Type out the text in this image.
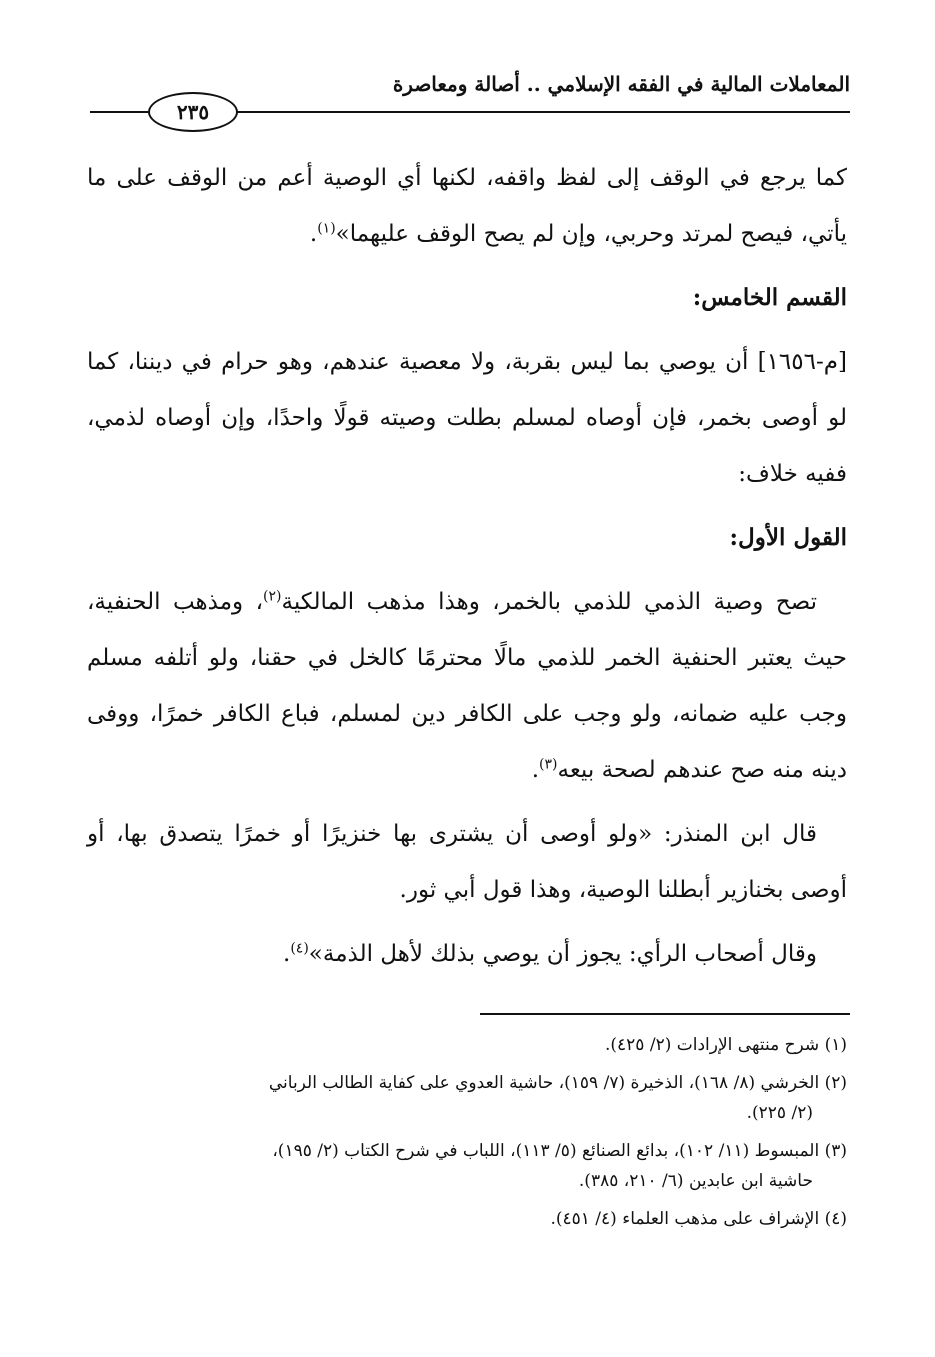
المعاملات المالية في الفقه الإسلامي .. أصالة ومعاصرة
٢٣٥

كما يرجع في الوقف إلى لفظ واقفه، لكنها أي الوصية أعم من الوقف على ما يأتي، فيصح لمرتد وحربي، وإن لم يصح الوقف عليهما»$^{(١)}$.

القسم الخامس:

[م-١٦٥٦] أن يوصي بما ليس بقربة، ولا معصية عندهم، وهو حرام في ديننا، كما لو أوصى بخمر، فإن أوصاه لمسلم بطلت وصيته قولًا واحدًا، وإن أوصاه لذمي، ففيه خلاف:

القول الأول:

تصح وصية الذمي للذمي بالخمر، وهذا مذهب المالكية$^{(٢)}$، ومذهب الحنفية، حيث يعتبر الحنفية الخمر للذمي مالًا محترمًا كالخل في حقنا، ولو أتلفه مسلم وجب عليه ضمانه، ولو وجب على الكافر دين لمسلم، فباع الكافر خمرًا، ووفى دينه منه صح عندهم لصحة بيعه$^{(٣)}$.

قال ابن المنذر: «ولو أوصى أن يشترى بها خنزيرًا أو خمرًا يتصدق بها، أو أوصى بخنازير أبطلنا الوصية، وهذا قول أبي ثور.

وقال أصحاب الرأي: يجوز أن يوصي بذلك لأهل الذمة»$^{(٤)}$.

(١) شرح منتهى الإرادات (٢/ ٤٢٥).
(٢) الخرشي (٨/ ١٦٨)، الذخيرة (٧/ ١٥٩)، حاشية العدوي على كفاية الطالب الرباني
(٢/ ٢٢٥).
(٣) المبسوط (١١/ ١٠٢)، بدائع الصنائع (٥/ ١١٣)، اللباب في شرح الكتاب (٢/ ١٩٥)،
حاشية ابن عابدين (٦/ ٢١٠، ٣٨٥).
(٤) الإشراف على مذهب العلماء (٤/ ٤٥١).
